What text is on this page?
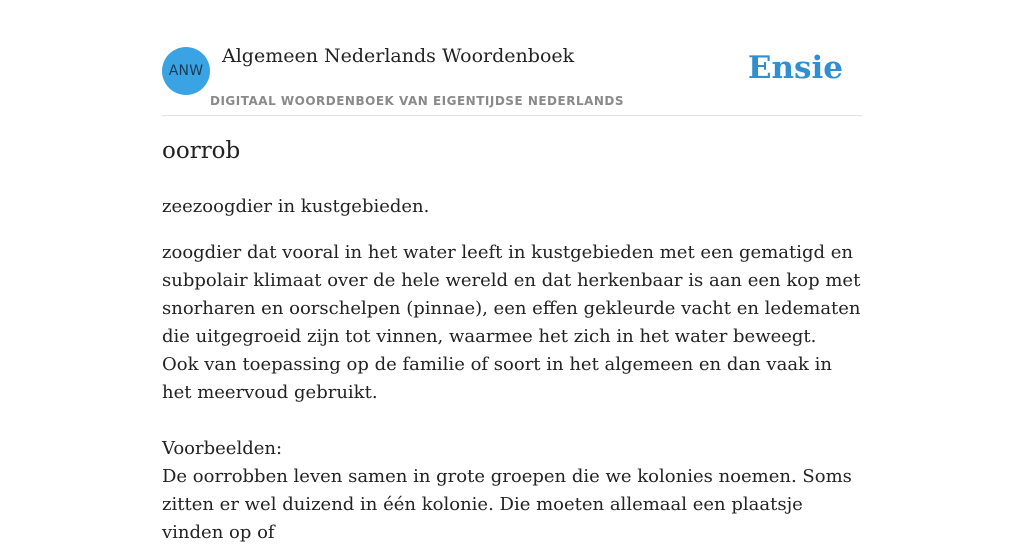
ANW
Algemeen Nederlands Woordenboek
DIGITAAL WOORDENBOEK VAN EIGENTIJDSE NEDERLANDS
Ensie
oorrob

zeezoogdier in kustgebieden.

zoogdier dat vooral in het water leeft in kustgebieden met een gematigd en subpolair klimaat over de hele wereld en dat herkenbaar is aan een kop met snorharen en oorschelpen (pinnae), een effen gekleurde vacht en ledematen die uitgegroeid zijn tot vinnen, waarmee het zich in het water beweegt.

Ook van toepassing op de familie of soort in het algemeen en dan vaak in het meervoud gebruikt.

Voorbeelden:

De oorrobben leven samen in grote groepen die we kolonies noemen. Soms zitten er wel duizend in één kolonie. Die moeten allemaal een plaatsje vinden op of
